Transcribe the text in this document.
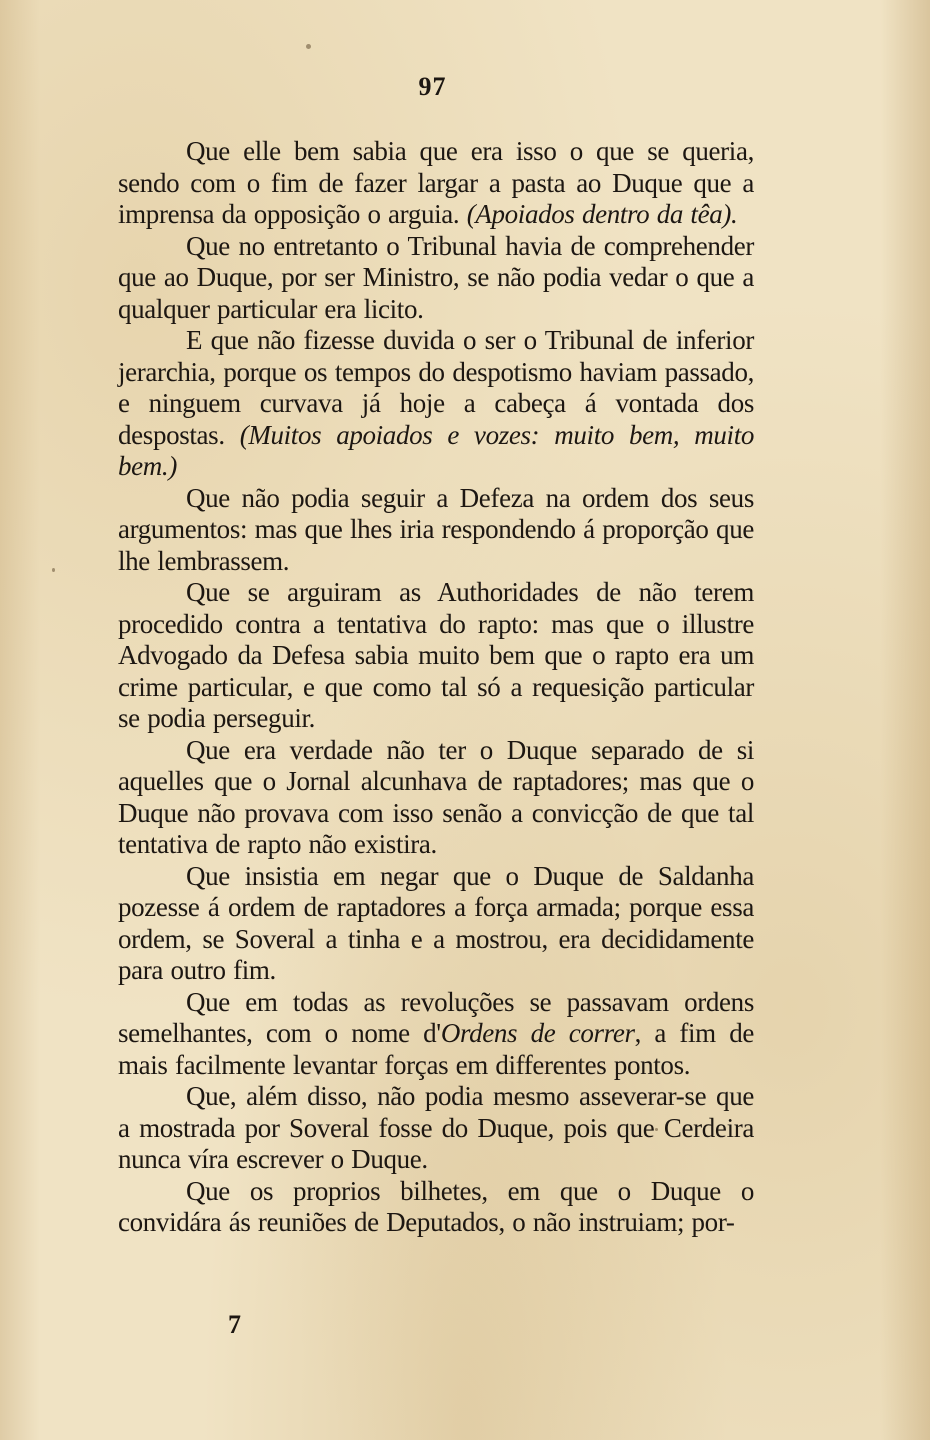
97

Que elle bem sabia que era isso o que se queria, sendo com o fim de fazer largar a pasta ao Duque que a imprensa da opposição o arguia. (Apoiados dentro da têa).

Que no entretanto o Tribunal havia de comprehender que ao Duque, por ser Ministro, se não podia vedar o que a qualquer particular era licito.

E que não fizesse duvida o ser o Tribunal de inferior jerarchia, porque os tempos do despotismo haviam passado, e ninguem curvava já hoje a cabeça á vontada dos despostas. (Muitos apoiados e vozes: muito bem, muito bem.)

Que não podia seguir a Defeza na ordem dos seus argumentos: mas que lhes iria respondendo á proporção que lhe lembrassem.

Que se arguiram as Authoridades de não terem procedido contra a tentativa do rapto: mas que o illustre Advogado da Defesa sabia muito bem que o rapto era um crime particular, e que como tal só a requesição particular se podia perseguir.

Que era verdade não ter o Duque separado de si aquelles que o Jornal alcunhava de raptadores; mas que o Duque não provava com isso senão a convicção de que tal tentativa de rapto não existira.

Que insistia em negar que o Duque de Saldanha pozesse á ordem de raptadores a força armada; porque essa ordem, se Soveral a tinha e a mostrou, era decididamente para outro fim.

Que em todas as revoluções se passavam ordens semelhantes, com o nome d'Ordens de correr, a fim de mais facilmente levantar forças em differentes pontos.

Que, além disso, não podia mesmo asseverar-se que a mostrada por Soveral fosse do Duque, pois que Cerdeira nunca víra escrever o Duque.

Que os proprios bilhetes, em que o Duque o convidára ás reuniões de Deputados, o não instruiam; por-

7
